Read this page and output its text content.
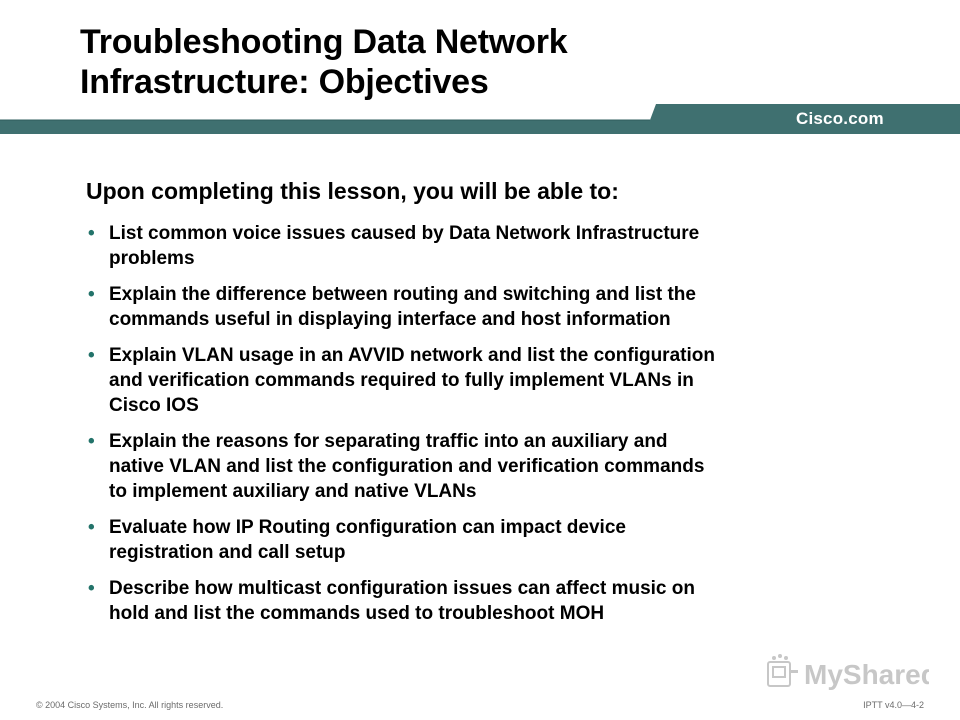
Troubleshooting Data Network
Infrastructure: Objectives
Cisco.com
Upon completing this lesson, you will be able to:
• List common voice issues caused by Data Network Infrastructure
problems
• Explain the difference between routing and switching and list the
commands useful in displaying interface and host information
• Explain VLAN usage in an AVVID network and list the configuration
and verification commands required to fully implement VLANs in
Cisco IOS
• Explain the reasons for separating traffic into an auxiliary and
native VLAN and list the configuration and verification commands
to implement auxiliary and native VLANs
• Evaluate how IP Routing configuration can impact device
registration and call setup
• Describe how multicast configuration issues can affect music on
hold and list the commands used to troubleshoot MOH
MyShared
© 2004 Cisco Systems, Inc. All rights reserved.	IPTT v4.0—4-2
